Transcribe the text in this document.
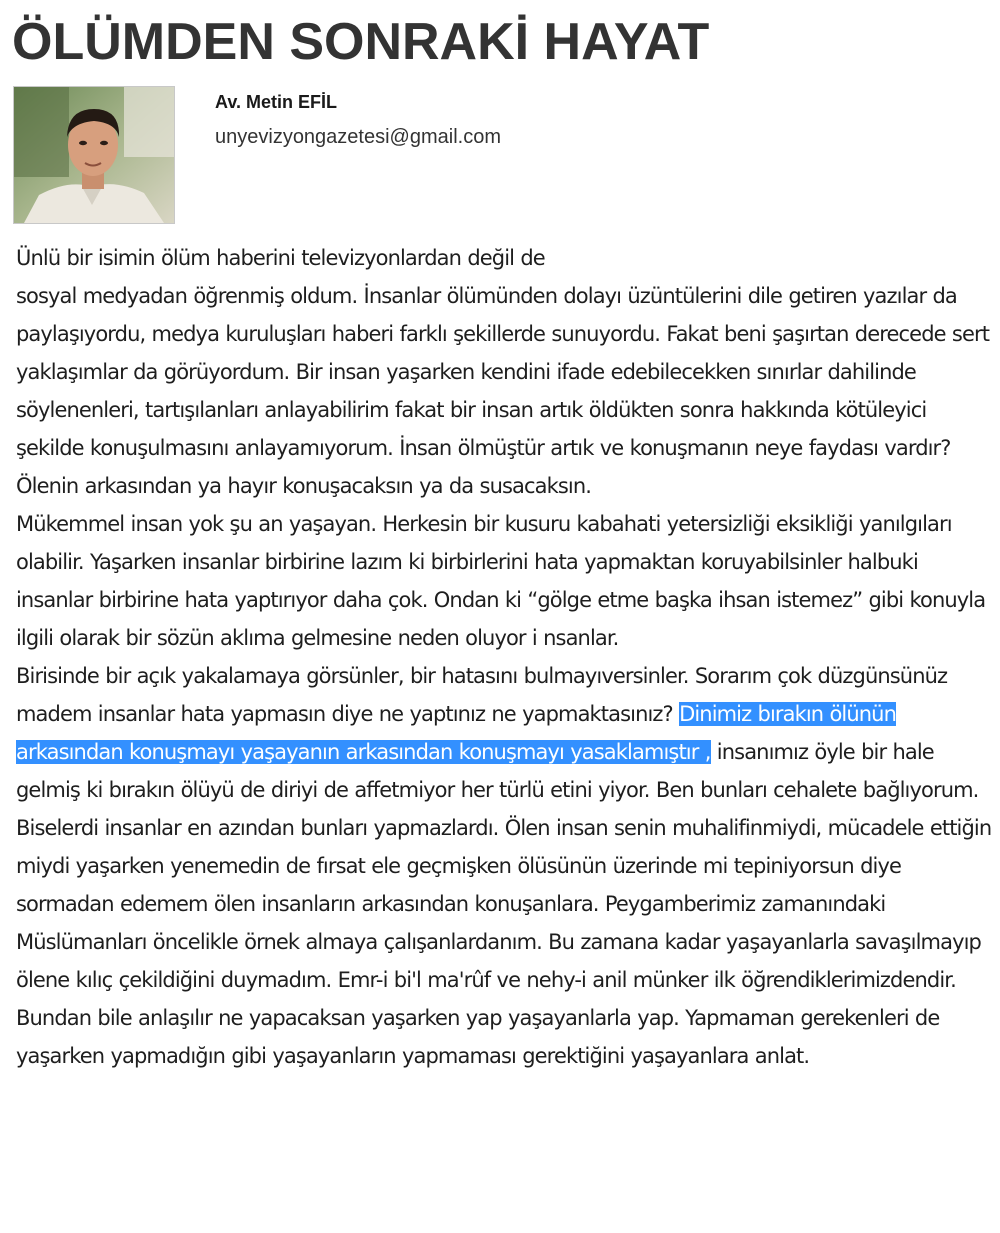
ÖLÜMDEN SONRAKİ HAYAT
Av. Metin EFİL
unyevizyongazetesi@gmail.com

Ünlü bir isimin ölüm haberini televizyonlardan değil de

sosyal medyadan öğrenmiş oldum. İnsanlar ölümünden dolayı üzüntülerini dile getiren yazılar da paylaşıyordu, medya kuruluşları haberi farklı şekillerde sunuyordu. Fakat beni şaşırtan derecede sert yaklaşımlar da görüyordum. Bir insan yaşarken kendini ifade edebilecekken sınırlar dahilinde söylenenleri, tartışılanları anlayabilirim fakat bir insan artık öldükten sonra hakkında kötüleyici şekilde konuşulmasını anlayamıyorum. İnsan ölmüştür artık ve konuşmanın neye faydası vardır? Ölenin arkasından ya hayır konuşacaksın ya da susacaksın.

Mükemmel insan yok şu an yaşayan. Herkesin bir kusuru kabahati yetersizliği eksikliği yanılgıları olabilir. Yaşarken insanlar birbirine lazım ki birbirlerini hata yapmaktan koruyabilsinler halbuki insanlar birbirine hata yaptırıyor daha çok. Ondan ki “gölge etme başka ihsan istemez” gibi konuyla ilgili olarak bir sözün aklıma gelmesine neden oluyor i nsanlar.

Birisinde bir açık yakalamaya görsünler, bir hatasını bulmayıversinler. Sorarım çok düzgünsünüz madem insanlar hata yapmasın diye ne yaptınız ne yapmaktasınız? Dinimiz bırakın ölünün arkasından konuşmayı yaşayanın arkasından konuşmayı yasaklamıştır , insanımız öyle bir hale gelmiş ki bırakın ölüyü de diriyi de affetmiyor her türlü etini yiyor. Ben bunları cehalete bağlıyorum. Biselerdi insanlar en azından bunları yapmazlardı. Ölen insan senin muhalifinmiydi, mücadele ettiğin miydi yaşarken yenemedin de fırsat ele geçmişken ölüsünün üzerinde mi tepiniyorsun diye sormadan edemem ölen insanların arkasından konuşanlara. Peygamberimiz zamanındaki Müslümanları öncelikle örnek almaya çalışanlardanım. Bu zamana kadar yaşayanlarla savaşılmayıp ölene kılıç çekildiğini duymadım. Emr-i bi'l ma'rûf ve nehy-i anil münker ilk öğrendiklerimizdendir. Bundan bile anlaşılır ne yapacaksan yaşarken yap yaşayanlarla yap. Yapmaman gerekenleri de yaşarken yapmadığın gibi yaşayanların yapmaması gerektiğini yaşayanlara anlat.
